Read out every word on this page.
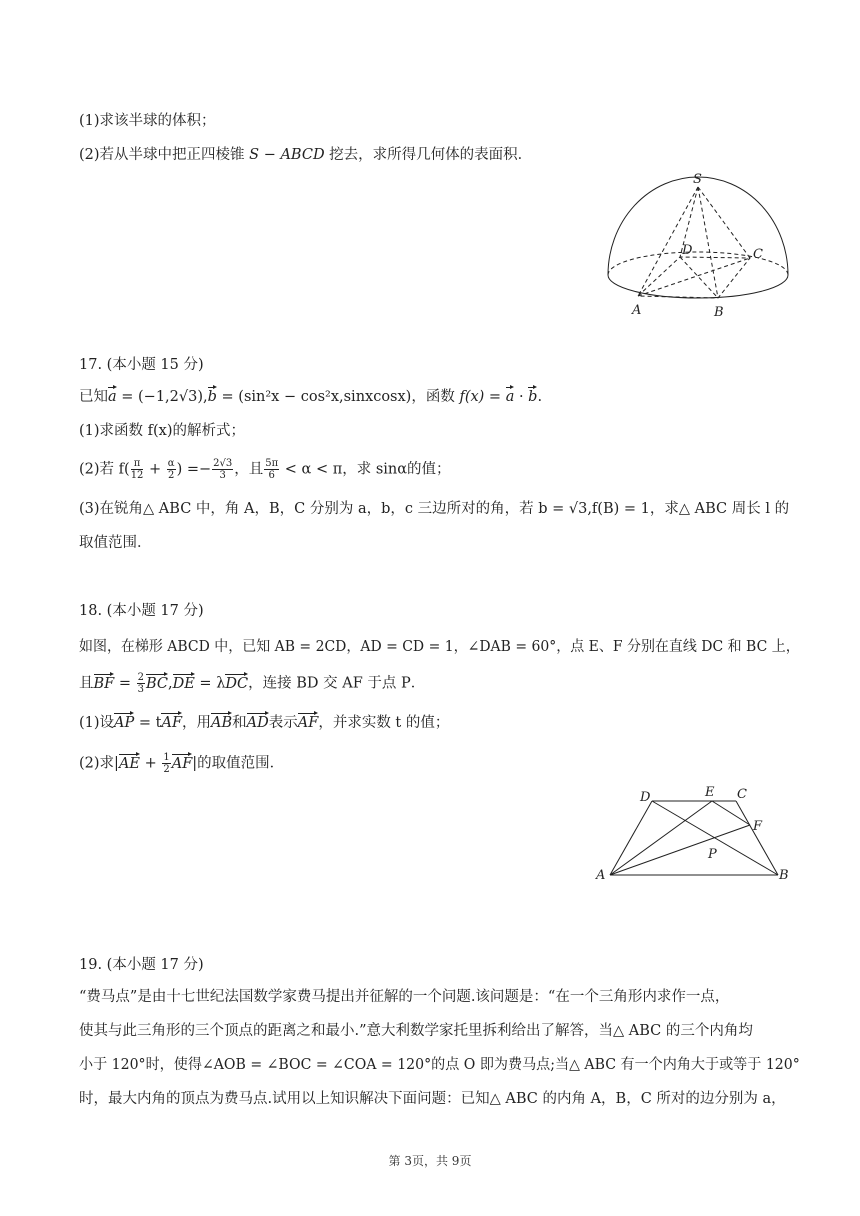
(1)求该半球的体积；
(2)若从半球中把正四棱锥 S − ABCD 挖去，求所得几何体的表面积．
S
D	C
A	B
17. (本小题 15 分)
已知a = (−1,2√3),b = (sin²x − cos²x,sinxcosx)，函数 f(x) = a · b.
(1)求函数 f(x)的解析式；
(2)若 $f( \frac{\pi}{12} + \frac{\alpha}{2}$ ) =− $\frac{2√3}{3}$ ，且 $\frac{5\pi}{6} < \alpha < \pi$，求 sinα的值；
(3)在锐角△ ABC 中，角 A，B，C 分别为 a，b，c 三边所对的角，若 b = √3,f(B) = 1，求△ ABC 周长 l 的
取值范围．
18. (本小题 17 分)
如图，在梯形 ABCD 中，已知 AB = 2CD，AD = CD = 1，∠DAB = 60°，点 E、F 分别在直线 DC 和 BC 上，
且BF = $\frac{2}{3} BC,DE = \lambda DC$，连接 BD 交 AF 于点 P．
(1)设AP = tAF，用AB和AD表示AF，并求实数 t 的值；
(2)求$|AE + \frac{1}{2} AF|$的取值范围．
D	E C
F
P
A	B
19. (本小题 17 分)
“费马点”是由十七世纪法国数学家费马提出并征解的一个问题.该问题是：“在一个三角形内求作一点，
使其与此三角形的三个顶点的距离之和最小.”意大利数学家托里拆利给出了解答，当△ ABC 的三个内角均
小于 120°时，使得∠AOB = ∠BOC = ∠COA = 120°的点 O 即为费马点;当△ ABC 有一个内角大于或等于 120°
时，最大内角的顶点为费马点.试用以上知识解决下面问题：已知△ ABC 的内角 A，B，C 所对的边分别为 a，
第 3页，共 9页
